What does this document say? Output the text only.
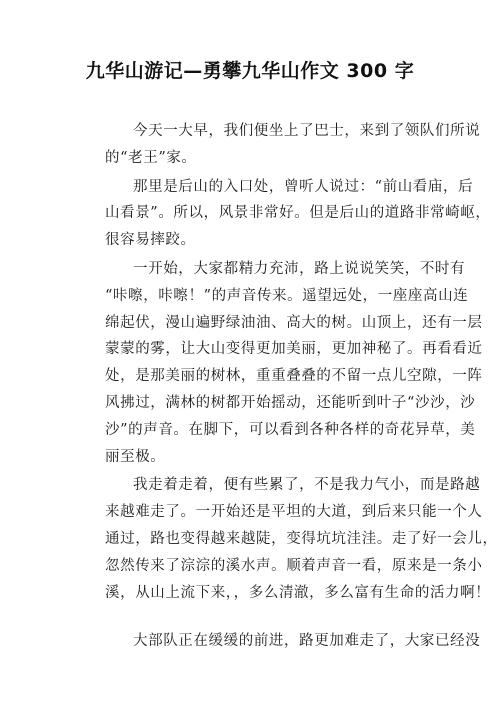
九华山游记—勇攀九华山作文 300 字
今天一大早，我们便坐上了巴士，来到了领队们所说
的“老王”家。
那里是后山的入口处，曾听人说过：“前山看庙，后
山看景”。所以，风景非常好。但是后山的道路非常崎岖，
很容易摔跤。
一开始，大家都精力充沛，路上说说笑笑，不时有
“咔嚓，咔嚓！”的声音传来。遥望远处，一座座高山连
绵起伏，漫山遍野绿油油、高大的树。山顶上，还有一层
蒙蒙的雾，让大山变得更加美丽，更加神秘了。再看看近
处，是那美丽的树林，重重叠叠的不留一点儿空隙，一阵
风拂过，满林的树都开始摇动，还能听到叶子“沙沙，沙
沙”的声音。在脚下，可以看到各种各样的奇花异草，美
丽至极。
我走着走着，便有些累了，不是我力气小，而是路越
来越难走了。一开始还是平坦的大道，到后来只能一个人
通过，路也变得越来越陡，变得坑坑洼洼。走了好一会儿，
忽然传来了淙淙的溪水声。顺着声音一看，原来是一条小
溪，从山上流下来，，多么清澈，多么富有生命的活力啊！
大部队正在缓缓的前进，路更加难走了，大家已经没
